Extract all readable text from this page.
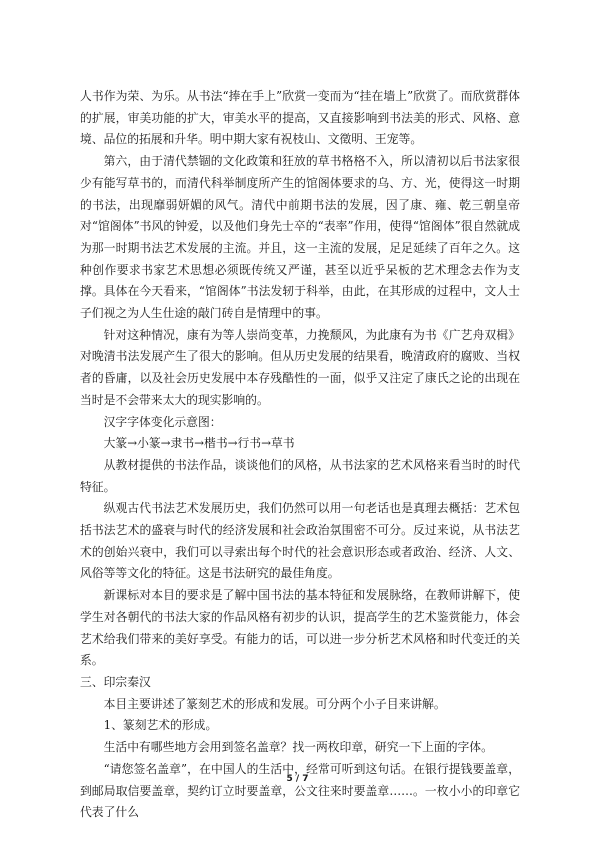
人书作为荣、为乐。从书法“捧在手上”欣赏一变而为“挂在墙上”欣赏了。而欣赏群体的扩展，审美功能的扩大，审美水平的提高，又直接影响到书法美的形式、风格、意境、品位的拓展和升华。明中期大家有祝枝山、文徵明、王宠等。

第六，由于清代禁锢的文化政策和狂放的草书格格不入，所以清初以后书法家很少有能写草书的，而清代科举制度所产生的馆阁体要求的乌、方、光，使得这一时期的书法，出现靡弱妍媚的风气。清代中前期书法的发展，因了康、雍、乾三朝皇帝对“馆阁体”书风的钟爱，以及他们身先士卒的“表率”作用，使得“馆阁体”很自然就成为那一时期书法艺术发展的主流。并且，这一主流的发展，足足延续了百年之久。这种创作要求书家艺术思想必须既传统又严谨，甚至以近乎呆板的艺术理念去作为支撑。具体在今天看来，“馆阁体”书法发轫于科举，由此，在其形成的过程中，文人士子们视之为人生仕途的敲门砖自是情理中的事。

针对这种情况，康有为等人崇尚变革，力挽颓风，为此康有为书《广艺舟双楫》对晚清书法发展产生了很大的影响。但从历史发展的结果看，晚清政府的腐败、当权者的昏庸，以及社会历史发展中本存残酷性的一面，似乎又注定了康氏之论的出现在当时是不会带来太大的现实影响的。

汉字字体变化示意图：

大篆→小篆→隶书→楷书→行书→草书

从教材提供的书法作品，谈谈他们的风格，从书法家的艺术风格来看当时的时代特征。

纵观古代书法艺术发展历史，我们仍然可以用一句老话也是真理去概括：艺术包括书法艺术的盛衰与时代的经济发展和社会政治氛围密不可分。反过来说，从书法艺术的创始兴衰中，我们可以寻索出每个时代的社会意识形态或者政治、经济、人文、风俗等等文化的特征。这是书法研究的最佳角度。

新课标对本目的要求是了解中国书法的基本特征和发展脉络，在教师讲解下，使学生对各朝代的书法大家的作品风格有初步的认识，提高学生的艺术鉴赏能力，体会艺术给我们带来的美好享受。有能力的话，可以进一步分析艺术风格和时代变迁的关系。

三、印宗秦汉

本目主要讲述了篆刻艺术的形成和发展。可分两个小子目来讲解。

1、篆刻艺术的形成。

生活中有哪些地方会用到签名盖章？找一两枚印章，研究一下上面的字体。

“请您签名盖章”，在中国人的生活中，经常可听到这句话。在银行提钱要盖章，到邮局取信要盖章，契约订立时要盖章，公文往来时要盖章……。一枚小小的印章它代表了什么

5 / 7
